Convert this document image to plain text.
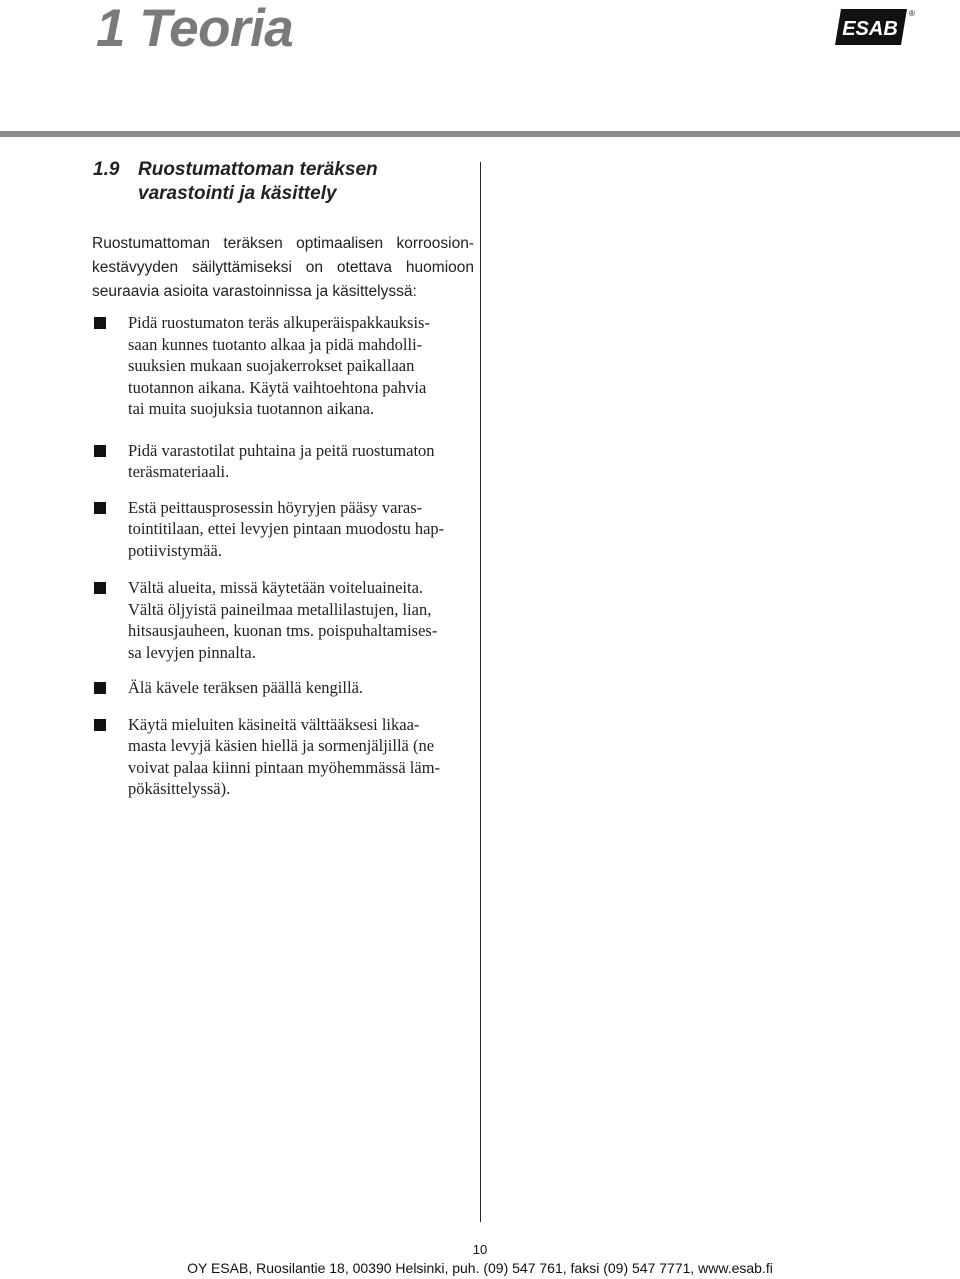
1 Teoria	ESAB
®
1.9 Ruostumattoman teräksen
varastointi ja käsittely

Ruostumattoman teräksen optimaalisen korroosion-
kestävyyden säilyttämiseksi on otettava huomioon
seuraavia asioita varastoinnissa ja käsittelyssä:

Pidä ruostumaton teräs alkuperäispakkauksis-
saan kunnes tuotanto alkaa ja pidä mahdolli-
suuksien mukaan suojakerrokset paikallaan
tuotannon aikana. Käytä vaihtoehtona pahvia
tai muita suojuksia tuotannon aikana.
Pidä varastotilat puhtaina ja peitä ruostumaton
teräsmateriaali.
Estä peittausprosessin höyryjen pääsy varas-
tointitilaan, ettei levyjen pintaan muodostu hap-
potiivistymää.
Vältä alueita, missä käytetään voiteluaineita.
Vältä öljyistä paineilmaa metallilastujen, lian,
hitsausjauheen, kuonan tms. poispuhaltamises-
sa levyjen pinnalta.
Älä kävele teräksen päällä kengillä.
Käytä mieluiten käsineitä välttääksesi likaa-
masta levyjä käsien hiellä ja sormenjäljillä (ne
voivat palaa kiinni pintaan myöhemmässä läm-
pökäsittelyssä).
10
OY ESAB, Ruosilantie 18, 00390 Helsinki, puh. (09) 547 761, faksi (09) 547 7771, www.esab.fi
